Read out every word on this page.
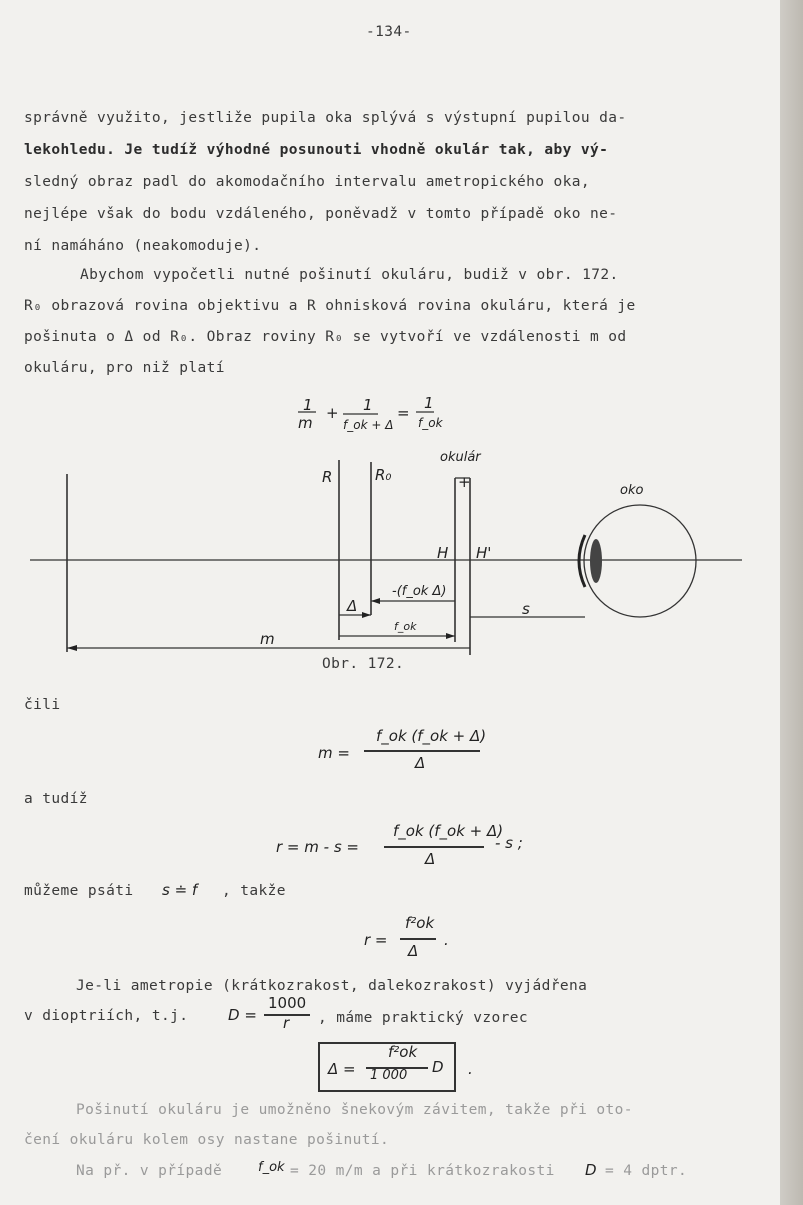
-134-
správně využito, jestliže pupila oka splývá s výstupní pupilou da-
lekohledu. Je tudíž výhodné posunouti vhodně okulár tak, aby vý-
sledný obraz padl do akomodačního intervalu ametropického oka,
nejlépe však do bodu vzdáleného, poněvadž v tomto případě oko ne-
ní namáháno (neakomoduje).
Abychom vypočetli nutné pošinutí okuláru, budiž v obr. 172.
R₀ obrazová rovina objektivu a R ohnisková rovina okuláru, která je
pošinuta o Δ od R₀. Obraz roviny R₀ se vytvoří ve vzdálenosti m od
okuláru, pro niž platí
1
m
+ 1
f_ok + Δ
=
1
f_ok
R	R₀
okulár
+	oko
H H'
Δ
-(f_ok Δ)
s
f_ok
m
Obr. 172.
čili
m =
f_ok (f_ok + Δ)
Δ
a tudíž
r = m - s =
f_ok (f_ok + Δ)
Δ
- s ;
můžeme psáti s ≐ f , takže
r =
f²ok
Δ
.
Je-li ametropie (krátkozrakost, dalekozrakost) vyjádřena
v dioptriích, t.j.	D =
1000
r , máme praktický vzorec
Δ =
f²ok
1 000 D .
Pošinutí okuláru je umožněno šnekovým závitem, takže při oto-
čení okuláru kolem osy nastane pošinutí.
Na př. v případě	f_ok = 20 m/m a při krátkozrakosti D = 4 dptr.
